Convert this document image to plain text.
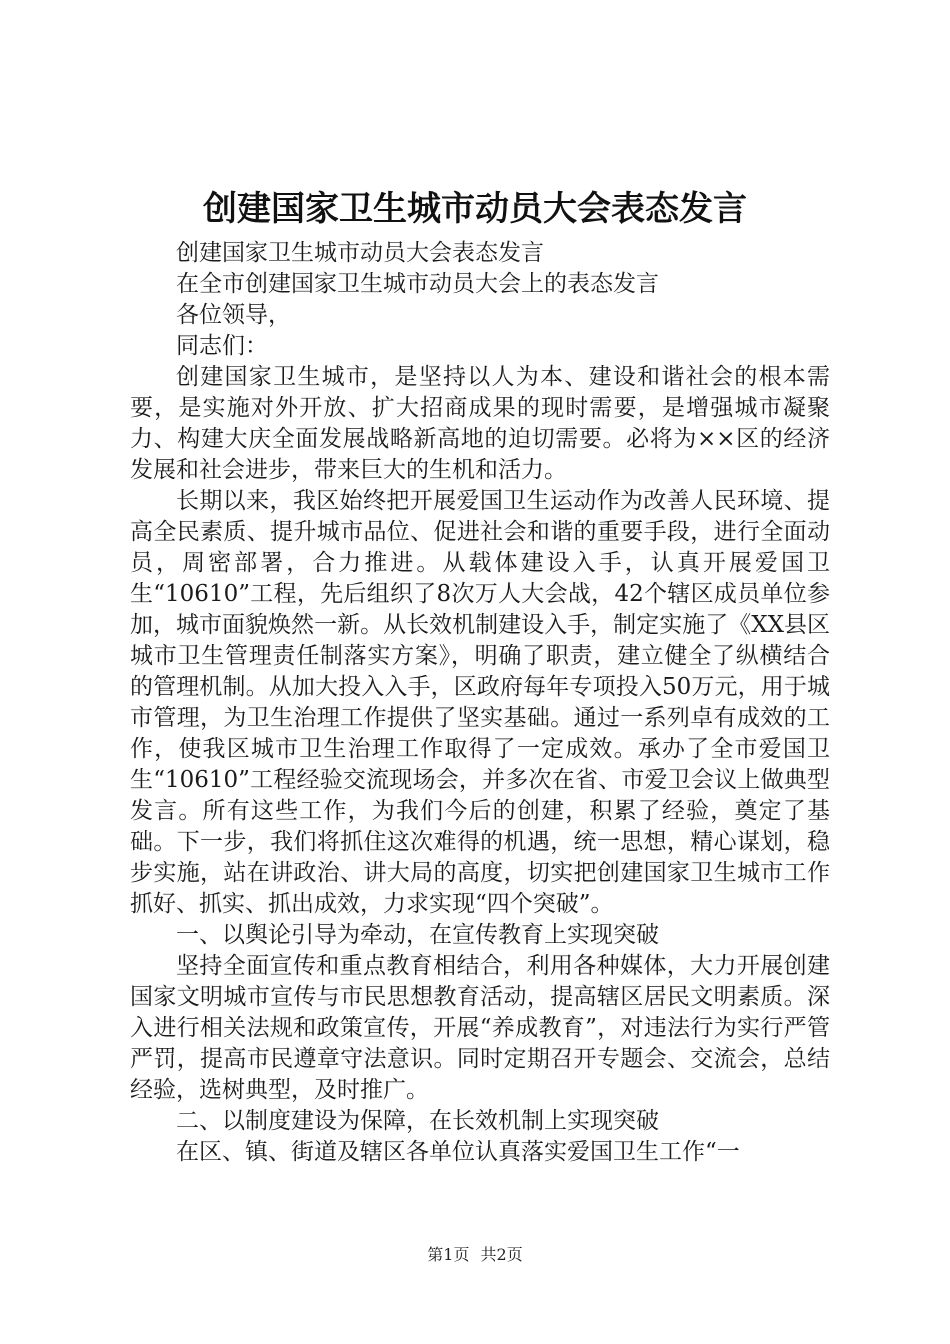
创建国家卫生城市动员大会表态发言

创建国家卫生城市动员大会表态发言

在全市创建国家卫生城市动员大会上的表态发言

各位领导，

同志们：

创建国家卫生城市，是坚持以人为本、建设和谐社会的根本需要，是实施对外开放、扩大招商成果的现时需要，是增强城市凝聚力、构建大庆全面发展战略新高地的迫切需要。必将为××区的经济发展和社会进步，带来巨大的生机和活力。

长期以来，我区始终把开展爱国卫生运动作为改善人民环境、提高全民素质、提升城市品位、促进社会和谐的重要手段，进行全面动员，周密部署，合力推进。从载体建设入手，认真开展爱国卫生“10610”工程，先后组织了8次万人大会战，42个辖区成员单位参加，城市面貌焕然一新。从长效机制建设入手，制定实施了《XX县区城市卫生管理责任制落实方案》，明确了职责，建立健全了纵横结合的管理机制。从加大投入入手，区政府每年专项投入50万元，用于城市管理，为卫生治理工作提供了坚实基础。通过一系列卓有成效的工作，使我区城市卫生治理工作取得了一定成效。承办了全市爱国卫生“10610”工程经验交流现场会，并多次在省、市爱卫会议上做典型发言。所有这些工作，为我们今后的创建，积累了经验，奠定了基础。下一步，我们将抓住这次难得的机遇，统一思想，精心谋划，稳步实施，站在讲政治、讲大局的高度，切实把创建国家卫生城市工作抓好、抓实、抓出成效，力求实现“四个突破”。

一、以舆论引导为牵动，在宣传教育上实现突破

坚持全面宣传和重点教育相结合，利用各种媒体，大力开展创建国家文明城市宣传与市民思想教育活动，提高辖区居民文明素质。深入进行相关法规和政策宣传，开展“养成教育”，对违法行为实行严管严罚，提高市民遵章守法意识。同时定期召开专题会、交流会，总结经验，选树典型，及时推广。

二、以制度建设为保障，在长效机制上实现突破

在区、镇、街道及辖区各单位认真落实爱国卫生工作“一

第1页 共2页
